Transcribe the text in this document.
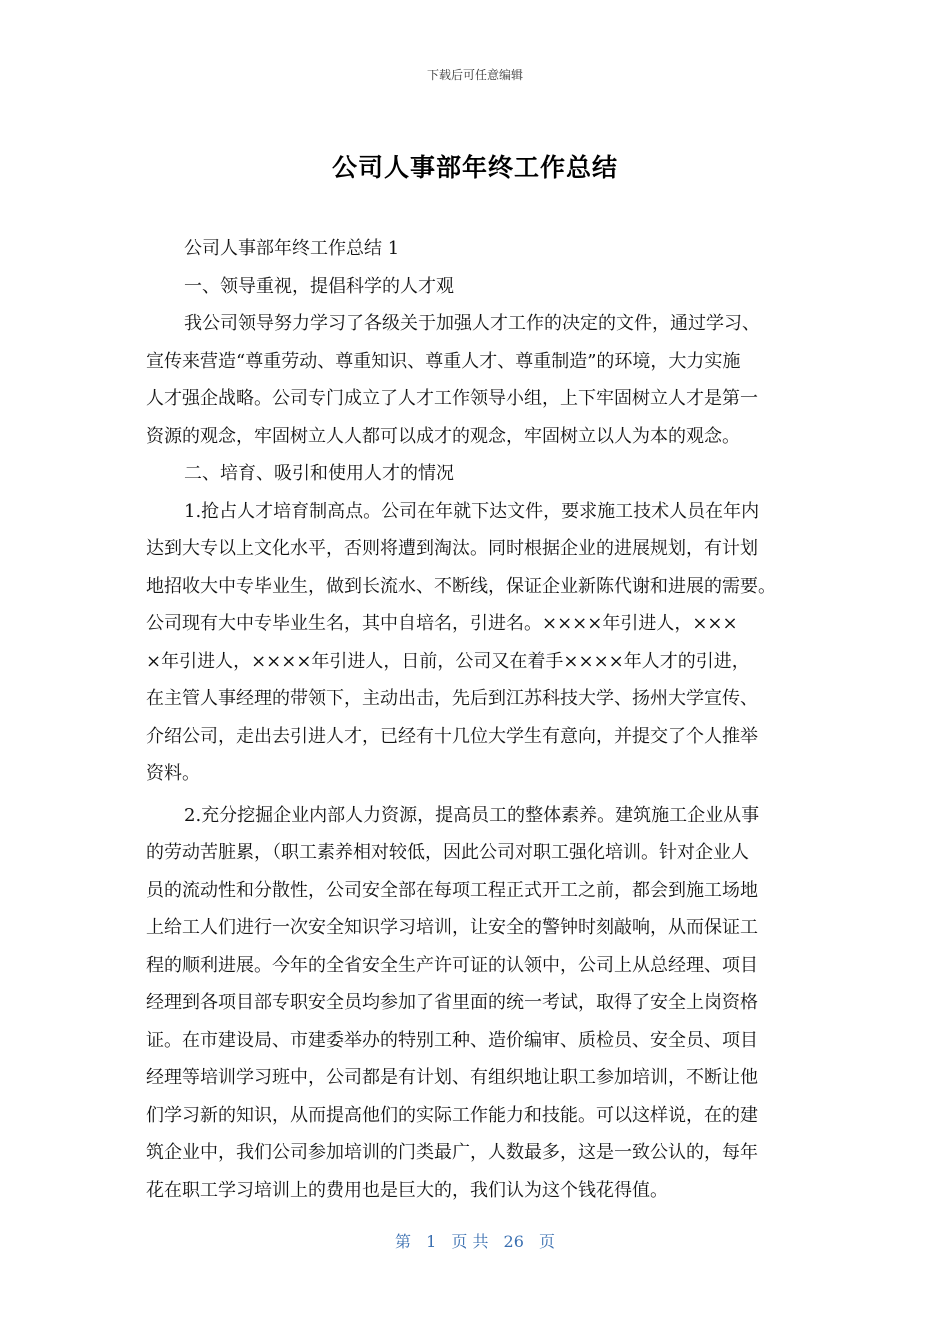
下载后可任意编辑
公司人事部年终工作总结
公司人事部年终工作总结 1
一、领导重视，提倡科学的人才观
我公司领导努力学习了各级关于加强人才工作的决定的文件，通过学习、
宣传来营造“尊重劳动、尊重知识、尊重人才、尊重制造”的环境，大力实施
人才强企战略。公司专门成立了人才工作领导小组，上下牢固树立人才是第一
资源的观念，牢固树立人人都可以成才的观念，牢固树立以人为本的观念。
二、培育、吸引和使用人才的情况
1.抢占人才培育制高点。公司在年就下达文件，要求施工技术人员在年内
达到大专以上文化水平，否则将遭到淘汰。同时根据企业的进展规划，有计划
地招收大中专毕业生，做到长流水、不断线，保证企业新陈代谢和进展的需要。
公司现有大中专毕业生名，其中自培名，引进名。××××年引进人，×××
×年引进人，××××年引进人，日前，公司又在着手××××年人才的引进，
在主管人事经理的带领下，主动出击，先后到江苏科技大学、扬州大学宣传、
介绍公司，走出去引进人才，已经有十几位大学生有意向，并提交了个人推举
资料。
2.充分挖掘企业内部人力资源，提高员工的整体素养。建筑施工企业从事
的劳动苦脏累，（职工素养相对较低，因此公司对职工强化培训。针对企业人
员的流动性和分散性，公司安全部在每项工程正式开工之前，都会到施工场地
上给工人们进行一次安全知识学习培训，让安全的警钟时刻敲响，从而保证工
程的顺利进展。今年的全省安全生产许可证的认领中，公司上从总经理、项目
经理到各项目部专职安全员均参加了省里面的统一考试，取得了安全上岗资格
证。在市建设局、市建委举办的特别工种、造价编审、质检员、安全员、项目
经理等培训学习班中，公司都是有计划、有组织地让职工参加培训，不断让他
们学习新的知识，从而提高他们的实际工作能力和技能。可以这样说，在的建
筑企业中，我们公司参加培训的门类最广，人数最多，这是一致公认的，每年
花在职工学习培训上的费用也是巨大的，我们认为这个钱花得值。
第 1 页 共 26 页
